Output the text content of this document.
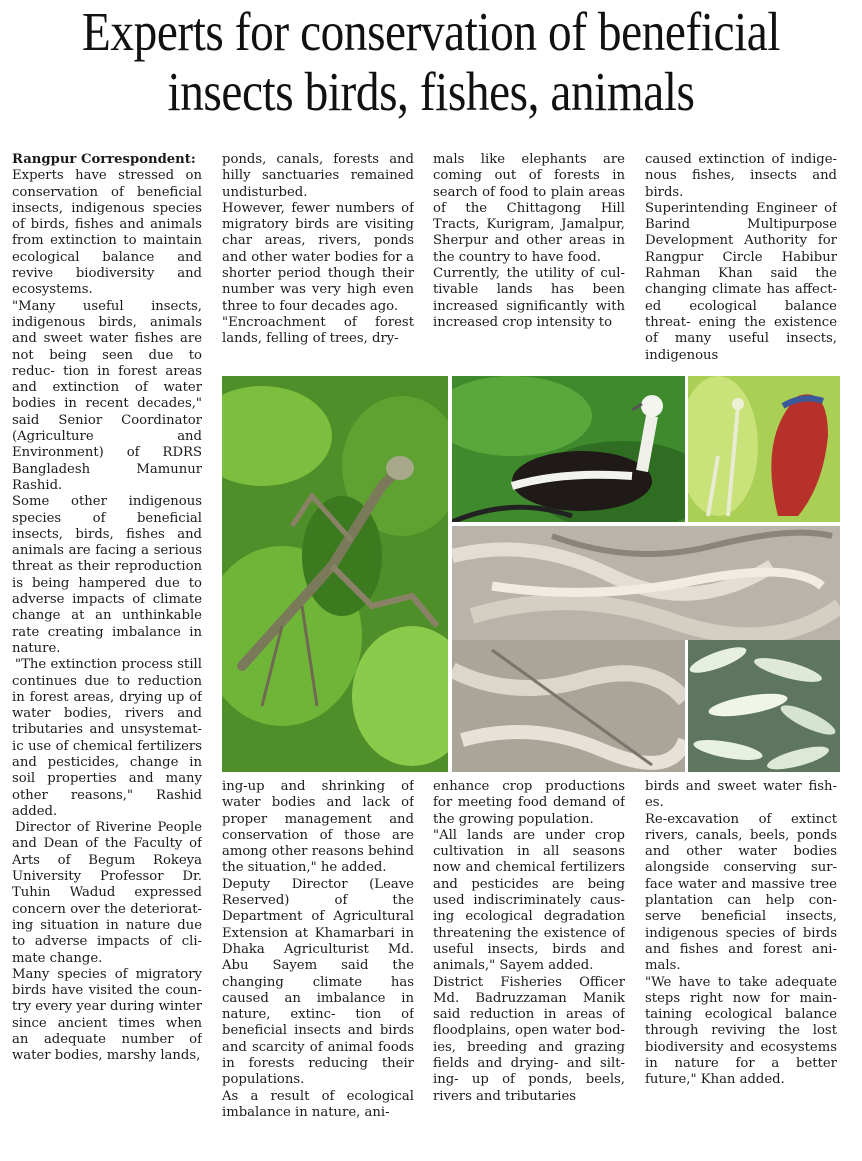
Experts for conservation of beneficial
insects birds, fishes, animals

Rangpur Correspondent:

Experts have stressed on conservation of beneficial insects, indigenous species of birds, fishes and animals from extinction to maintain ecological balance and revive biodiversity and ecosystems.

"Many useful insects, indigenous birds, animals and sweet water fishes are not being seen due to reduc- tion in forest areas and extinction of water bodies in recent decades," said Senior Coordinator (Agriculture and Environment) of RDRS Bangladesh Mamunur Rashid.

Some other indigenous species of beneficial insects, birds, fishes and animals are facing a serious threat as their reproduction is being hampered due to adverse impacts of climate change at an unthinkable rate creating imbalance in nature.

"The extinction process still continues due to reduction in forest areas, drying up of water bodies, rivers and tributaries and unsystemat- ic use of chemical fertilizers and pesticides, change in soil properties and many other reasons," Rashid added.

Director of Riverine People and Dean of the Faculty of Arts of Begum Rokeya University Professor Dr. Tuhin Wadud expressed concern over the deteriorat- ing situation in nature due to adverse impacts of cli- mate change.

Many species of migratory birds have visited the coun- try every year during winter since ancient times when an adequate number of water bodies, marshy lands,

ponds, canals, forests and hilly sanctuaries remained undisturbed.

However, fewer numbers of migratory birds are visiting char areas, rivers, ponds and other water bodies for a shorter period though their number was very high even three to four decades ago.

"Encroachment of forest lands, felling of trees, dry-

mals like elephants are coming out of forests in search of food to plain areas of the Chittagong Hill Tracts, Kurigram, Jamalpur, Sherpur and other areas in the country to have food.

Currently, the utility of cul- tivable lands has been increased significantly with increased crop intensity to

caused extinction of indige- nous fishes, insects and birds.

Superintending Engineer of Barind Multipurpose Development Authority for Rangpur Circle Habibur Rahman Khan said the changing climate has affect- ed ecological balance threat- ening the existence of many useful insects, indigenous

ing-up and shrinking of water bodies and lack of proper management and conservation of those are among other reasons behind the situation," he added.

Deputy Director (Leave Reserved) of the Department of Agricultural Extension at Khamarbari in Dhaka Agriculturist Md. Abu Sayem said the changing climate has caused an imbalance in nature, extinc- tion of beneficial insects and birds and scarcity of animal foods in forests reducing their populations.

As a result of ecological imbalance in nature, ani-

enhance crop productions for meeting food demand of the growing population.

"All lands are under crop cultivation in all seasons now and chemical fertilizers and pesticides are being used indiscriminately caus- ing ecological degradation threatening the existence of useful insects, birds and animals," Sayem added.

District Fisheries Officer Md. Badruzzaman Manik said reduction in areas of floodplains, open water bod- ies, breeding and grazing fields and drying- and silt- ing- up of ponds, beels, rivers and tributaries

birds and sweet water fish- es.

Re-excavation of extinct rivers, canals, beels, ponds and other water bodies alongside conserving sur- face water and massive tree plantation can help con- serve beneficial insects, indigenous species of birds and fishes and forest ani- mals.

"We have to take adequate steps right now for main- taining ecological balance through reviving the lost biodiversity and ecosystems in nature for a better future," Khan added.
